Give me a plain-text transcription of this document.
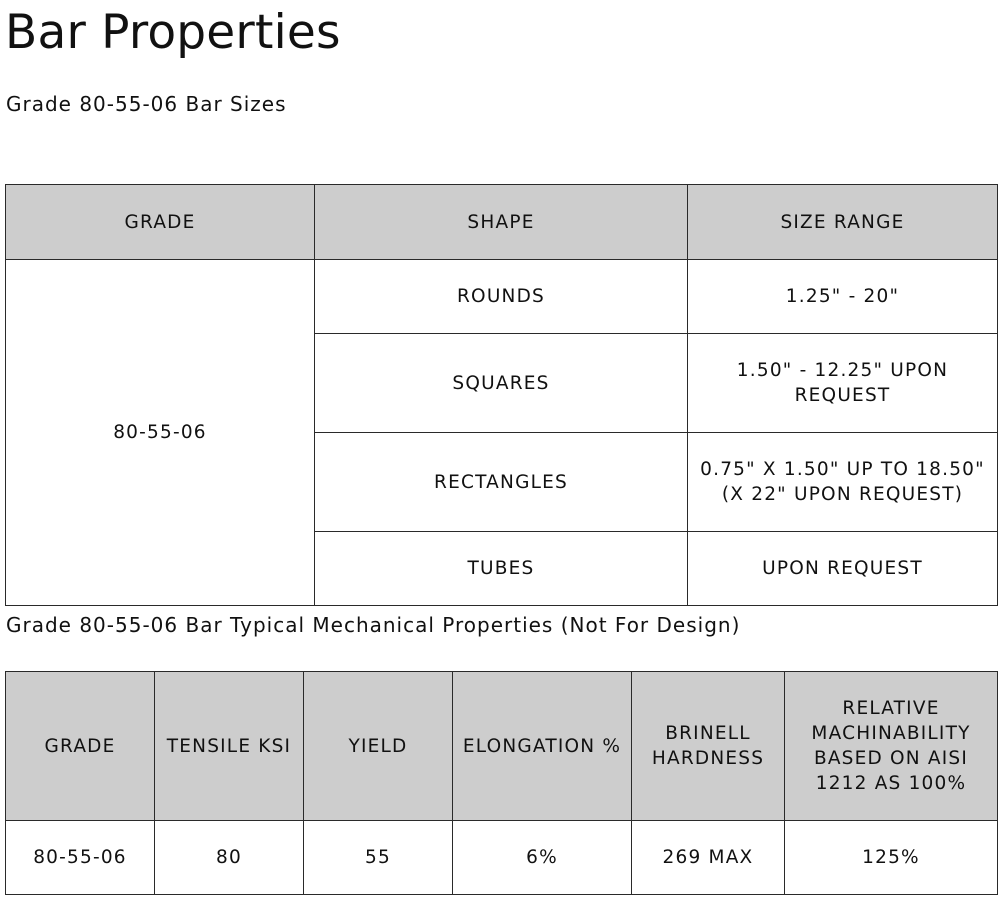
Bar Properties
Grade 80-55-06 Bar Sizes
GRADE	SHAPE	SIZE RANGE
80-55-06	ROUNDS	1.25" - 20"
	SQUARES	1.50" - 12.25" UPON REQUEST
	RECTANGLES	0.75" X 1.50" UP TO 18.50" (X 22" UPON REQUEST)
	TUBES	UPON REQUEST
Grade 80-55-06 Bar Typical Mechanical Properties (Not For Design)
GRADE	TENSILE KSI	YIELD	ELONGATION %	BRINELL HARDNESS	RELATIVE MACHINABILITY BASED ON AISI 1212 AS 100%
80-55-06	80	55	6%	269 MAX	125%
